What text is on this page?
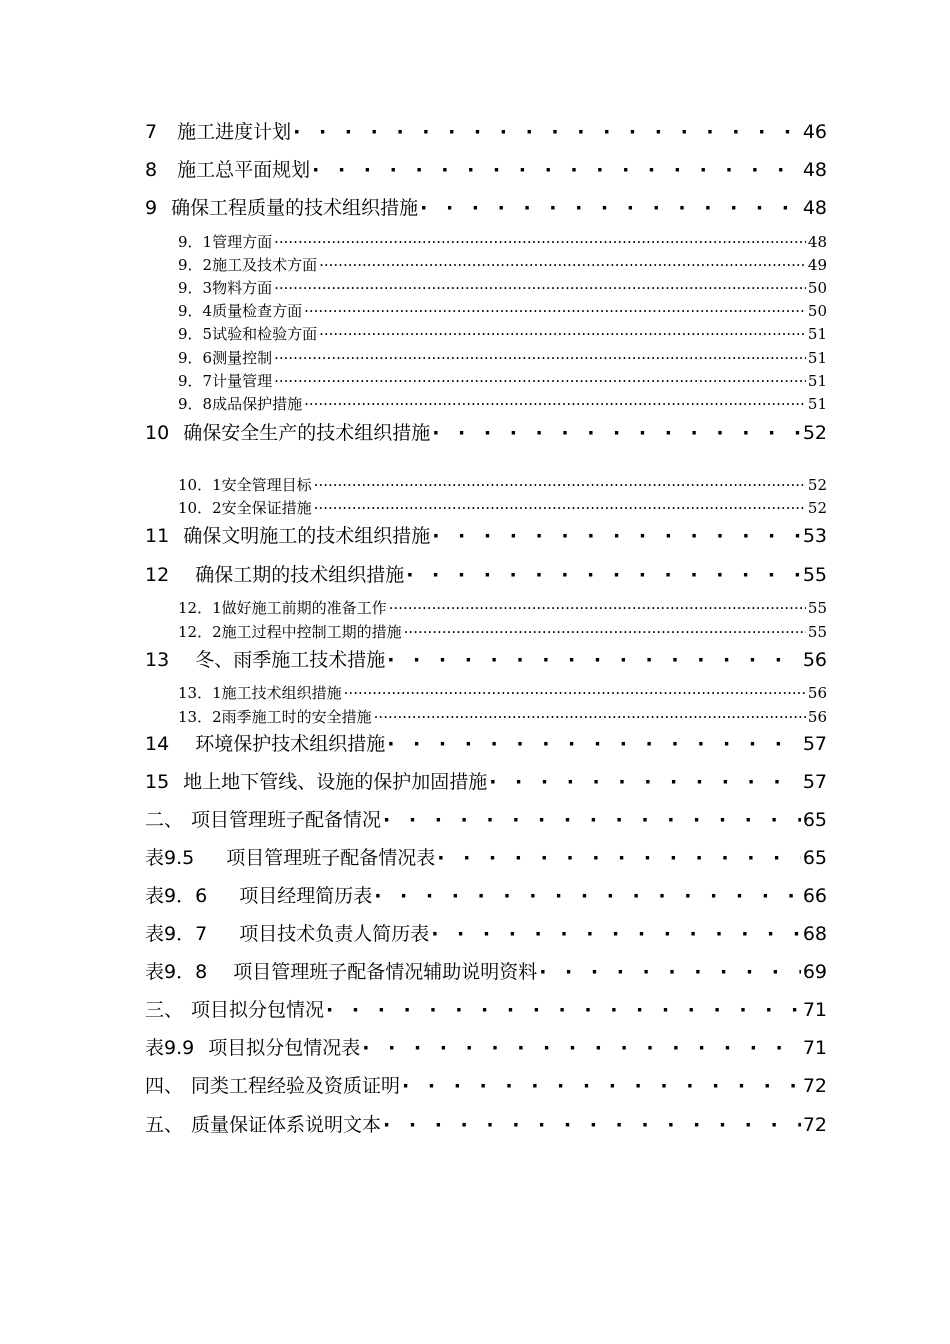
7 施工进度计划 · · ·	46
8 施工总平面规划 · · ·	48
9 确保工程质量的技术组织措施 · · ·	48
9．1 管理方面 ·····	48
9．2 施工及技术方面 ·····	49
9．3 物料方面 ·····	50
9．4 质量检查方面 ·····	50
9．5 试验和检验方面 ·····	51
9．6 测量控制 ·····	51
9．7 计量管理 ·····	51
9．8 成品保护措施 ·····	51
10 确保安全生产的技术组织措施 · · ·	52
10．1 安全管理目标 ·····	52
10．2 安全保证措施 ·····	52
11 确保文明施工的技术组织措施 · · ·	53
12 确保工期的技术组织措施 · · ·	55
12．1 做好施工前期的准备工作 ·····	55
12．2 施工过程中控制工期的措施 ·····	55
13 冬、雨季施工技术措施 · · ·	56
13．1 施工技术组织措施 ·····	56
13．2 雨季施工时的安全措施 ·····	56
14 环境保护技术组织措施 · · ·	57
15 地上地下管线、设施的保护加固措施 · · ·	57
二、 项目管理班子配备情况 · · ·	65
表9.5 项目管理班子配备情况表 · · ·	65
表9．6 项目经理简历表 · · ·	66
表9．7 项目技术负责人简历表 · · ·	68
表9．8 项目管理班子配备情况辅助说明资料 · · ·	69
三、 项目拟分包情况 · · ·	71
表9.9 项目拟分包情况表 · · ·	71
四、 同类工程经验及资质证明 · · ·	72
五、 质量保证体系说明文本 · · ·	72
